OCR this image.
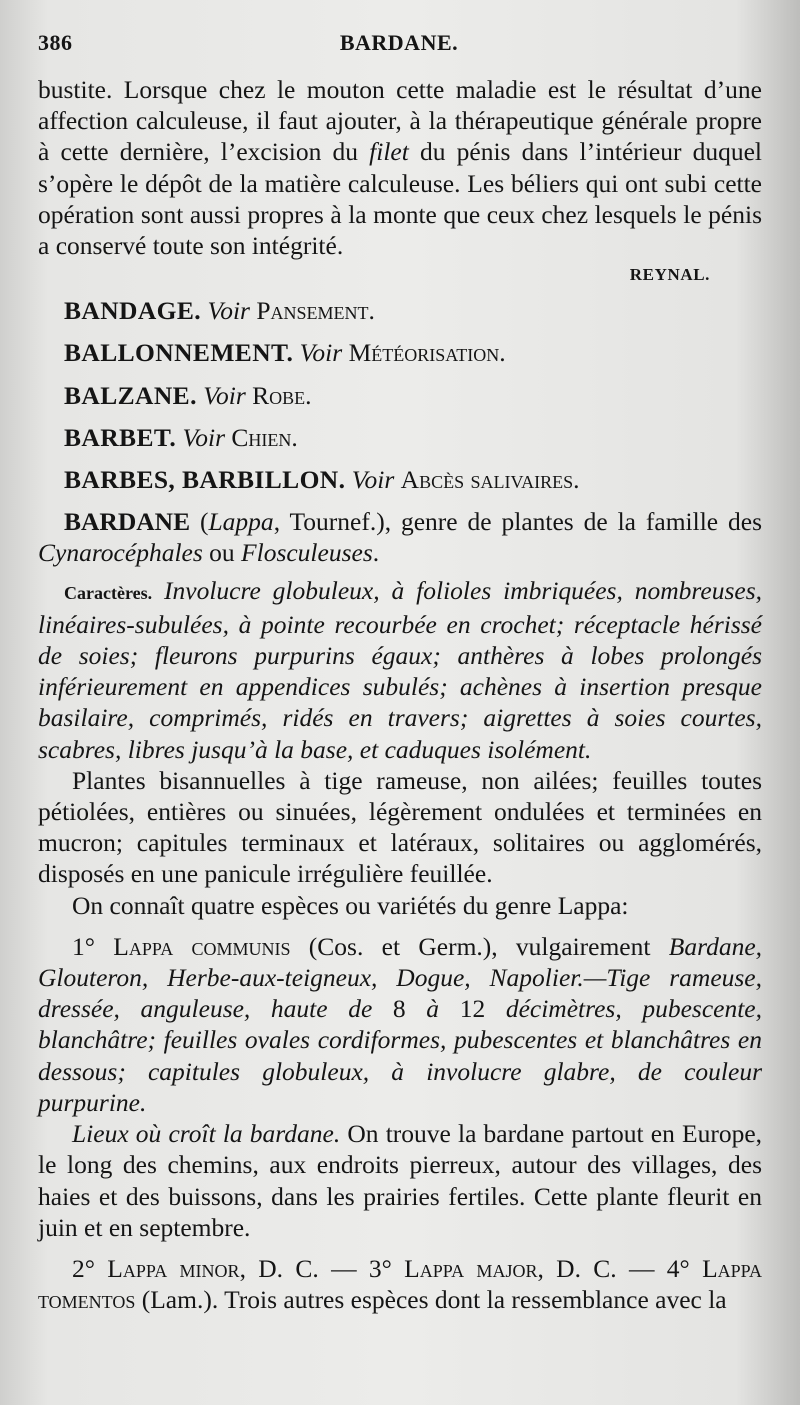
386	BARDANE.

bustite. Lorsque chez le mouton cette maladie est le résultat d’une affection calculeuse, il faut ajouter, à la thérapeutique générale propre à cette dernière, l’excision du filet du pénis dans l’intérieur duquel s’opère le dépôt de la matière calculeuse. Les béliers qui ont subi cette opération sont aussi propres à la monte que ceux chez lesquels le pénis a conservé toute son intégrité.

REYNAL.

BANDAGE. Voir Pansement.

BALLONNEMENT. Voir Météorisation.

BALZANE. Voir Robe.

BARBET. Voir Chien.

BARBES, BARBILLON. Voir Abcès salivaires.

BARDANE (Lappa, Tournef.), genre de plantes de la famille des Cynarocéphales ou Flosculeuses.

Caractères. Involucre globuleux, à folioles imbriquées, nombreuses, linéaires-subulées, à pointe recourbée en crochet; réceptacle hérissé de soies; fleurons purpurins égaux; anthères à lobes prolongés inférieurement en appendices subulés; achènes à insertion presque basilaire, comprimés, ridés en travers; aigrettes à soies courtes, scabres, libres jusqu’à la base, et caduques isolément.

Plantes bisannuelles à tige rameuse, non ailées; feuilles toutes pétiolées, entières ou sinuées, légèrement ondulées et terminées en mucron; capitules terminaux et latéraux, solitaires ou agglomérés, disposés en une panicule irrégulière feuillée.

On connaît quatre espèces ou variétés du genre Lappa:

1° Lappa communis (Cos. et Germ.), vulgairement Bardane, Glouteron, Herbe-aux-teigneux, Dogue, Napolier.—Tige rameuse, dressée, anguleuse, haute de 8 à 12 décimètres, pubescente, blanchâtre; feuilles ovales cordiformes, pubescentes et blanchâtres en dessous; capitules globuleux, à involucre glabre, de couleur purpurine.

Lieux où croît la bardane. On trouve la bardane partout en Europe, le long des chemins, aux endroits pierreux, autour des villages, des haies et des buissons, dans les prairies fertiles. Cette plante fleurit en juin et en septembre.

2° Lappa minor, D. C. — 3° Lappa major, D. C. — 4° Lappa tomentos (Lam.). Trois autres espèces dont la ressemblance avec la
